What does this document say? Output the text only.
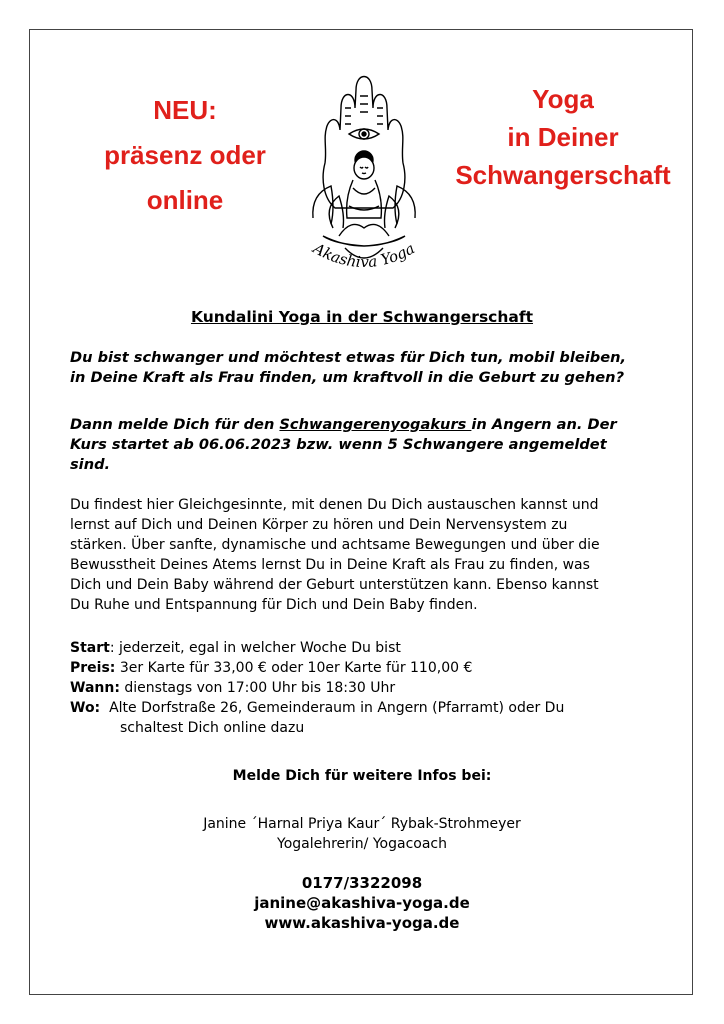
NEU:
präsenz oder
online
Yoga
in Deiner
Schwangerschaft
Akashiva Yoga
Kundalini Yoga in der Schwangerschaft
Du bist schwanger und möchtest etwas für Dich tun, mobil bleiben,
in Deine Kraft als Frau finden, um kraftvoll in die Geburt zu gehen?
Dann melde Dich für den Schwangerenyogakurs in Angern an. Der
Kurs startet ab 06.06.2023 bzw. wenn 5 Schwangere angemeldet
sind.
Du findest hier Gleichgesinnte, mit denen Du Dich austauschen kannst und
lernst auf Dich und Deinen Körper zu hören und Dein Nervensystem zu
stärken. Über sanfte, dynamische und achtsame Bewegungen und über die
Bewusstheit Deines Atems lernst Du in Deine Kraft als Frau zu finden, was
Dich und Dein Baby während der Geburt unterstützen kann. Ebenso kannst
Du Ruhe und Entspannung für Dich und Dein Baby finden.
Start: jederzeit, egal in welcher Woche Du bist
Preis: 3er Karte für 33,00 € oder 10er Karte für 110,00 €
Wann: dienstags von 17:00 Uhr bis 18:30 Uhr
Wo:  Alte Dorfstraße 26, Gemeinderaum in Angern (Pfarramt) oder Du
schaltest Dich online dazu
Melde Dich für weitere Infos bei:
Janine ´Harnal Priya Kaur´ Rybak-Strohmeyer
Yogalehrerin/ Yogacoach
0177/3322098
janine@akashiva-yoga.de
www.akashiva-yoga.de
